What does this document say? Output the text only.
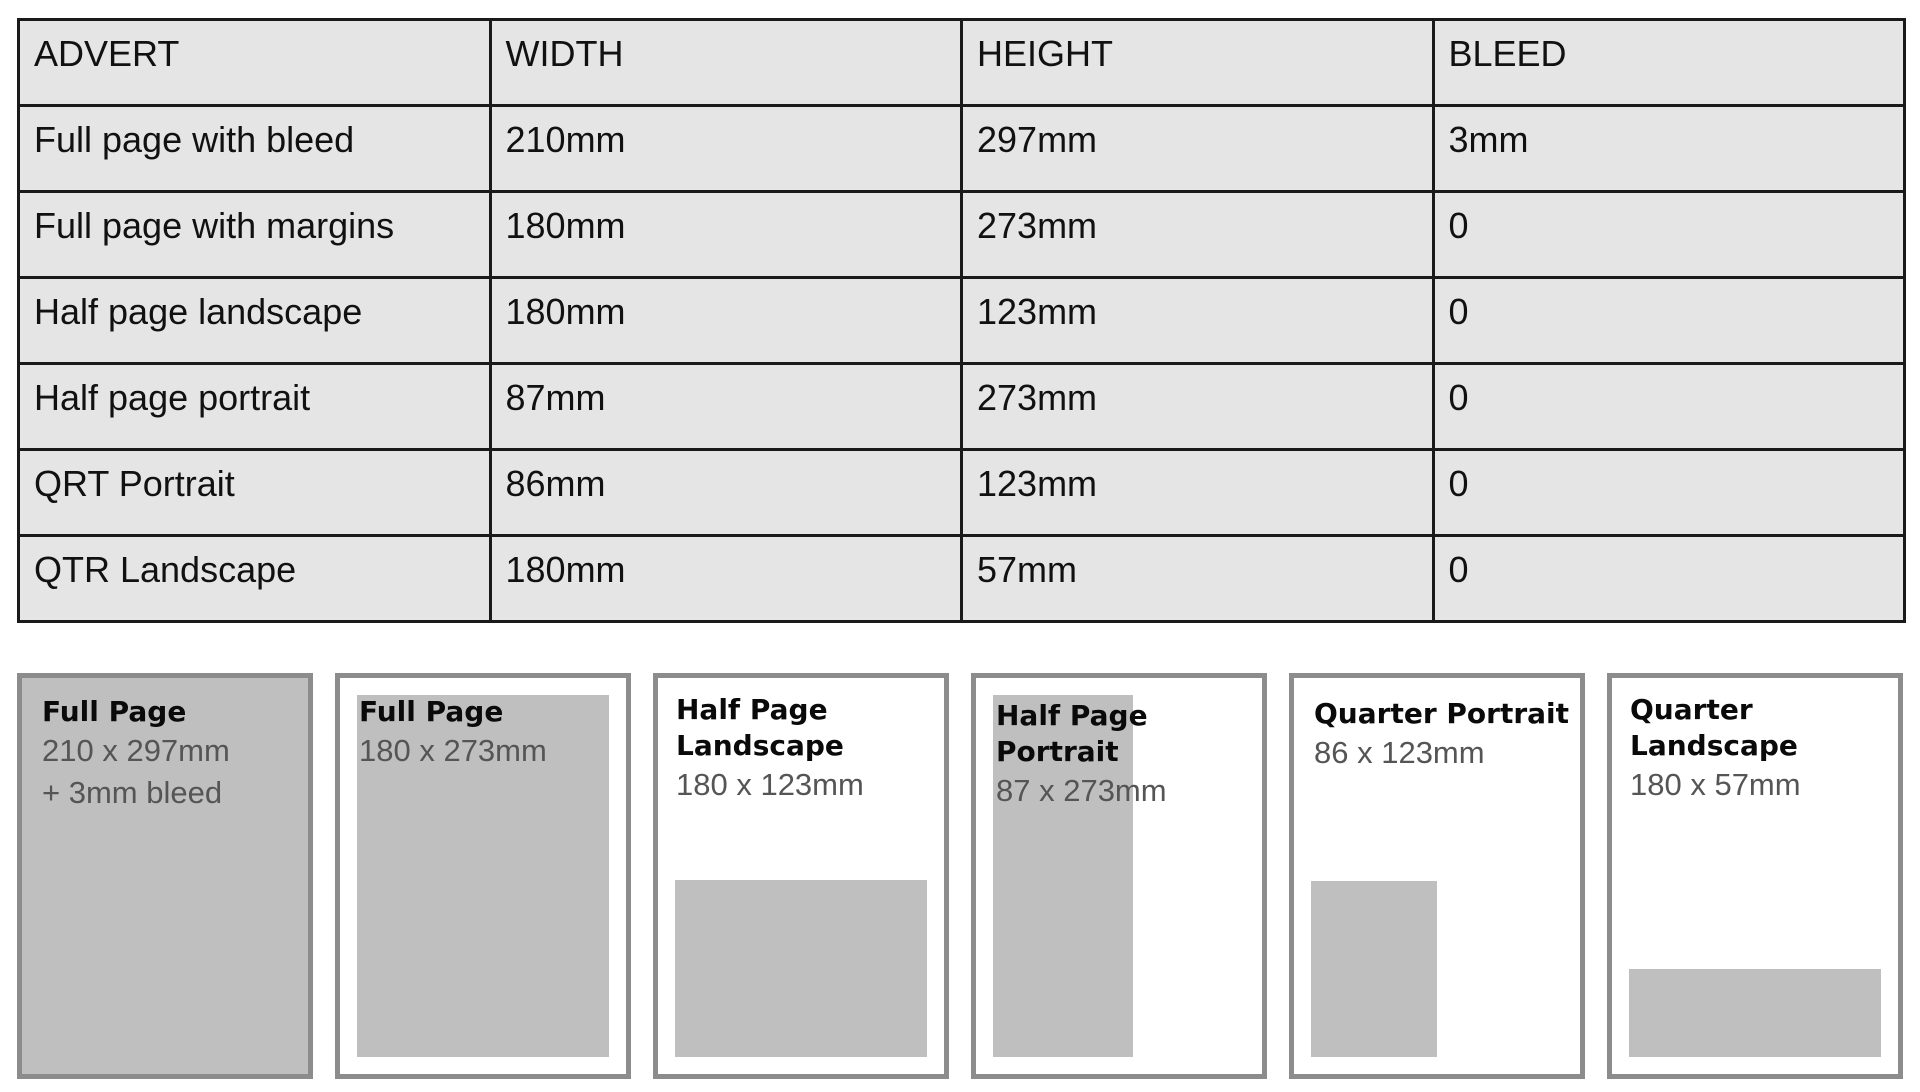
ADVERT	WIDTH	HEIGHT	BLEED
Full page with bleed	210mm	297mm	3mm
Full page with margins	180mm	273mm	0
Half page landscape	180mm	123mm	0
Half page portrait	87mm	273mm	0
QRT Portrait	86mm	123mm	0
QTR Landscape	180mm	57mm	0
Full Page
210 x 297mm
+ 3mm bleed
Full Page
180 x 273mm
Half Page Landscape
180 x 123mm
Half Page Portrait
87 x 273mm
Quarter Portrait
86 x 123mm
Quarter Landscape
180 x 57mm
